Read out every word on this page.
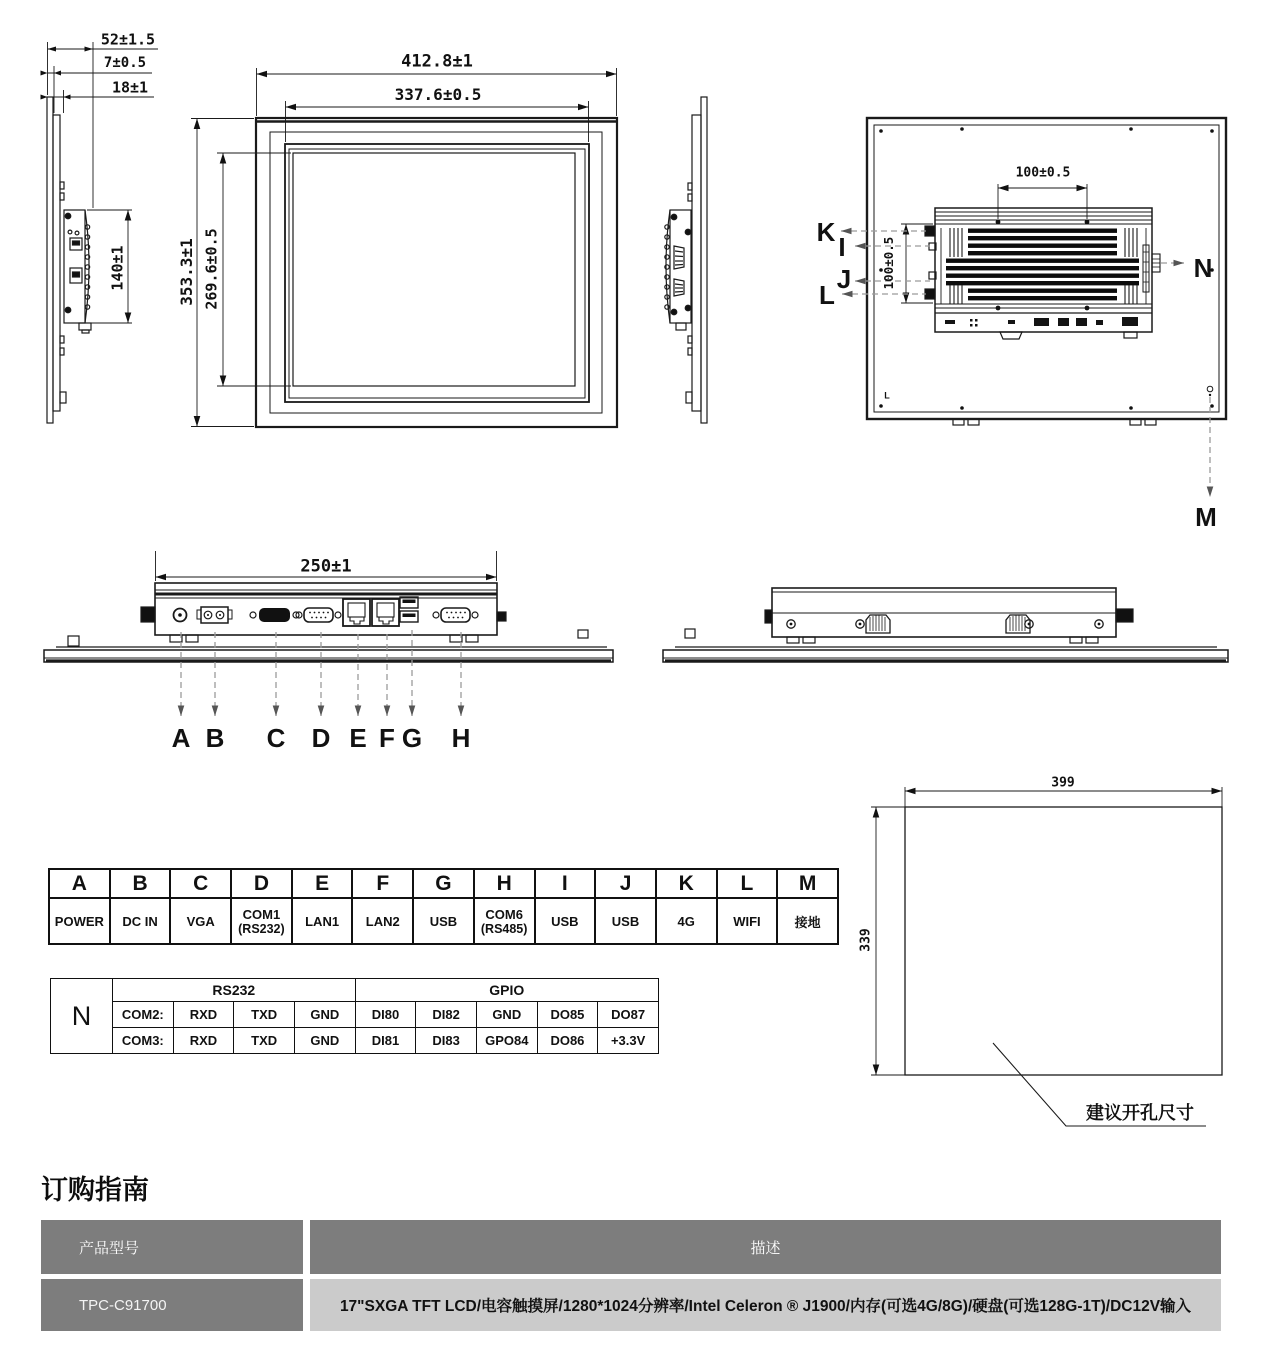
52±1.5
7±0.5
18±1
140±1
412.8±1
337.6±0.5
353.3±1 269.6±0.5
100±0.5
100±0.5
K I
J
L
N
M
L
250±1
A B C D E F G H
399
339
建议开孔尺寸
A	B	C	D	E	F	G	H	I	J	K	L	M

POWER	DC IN	VGA	COM1
(RS232)	LAN1	LAN2	USB	COM6
(RS485)	USB	USB	4G	WIFI	接地
N	RS232				GPIO				
	COM2:	RXD	TXD	GND	DI80	DI82	GND	DO85	DO87
	COM3:	RXD	TXD	GND	DI81	DI83	GPO84	DO86	+3.3V
订购指南
产品型号	描述
TPC-C91700	17"SXGA TFT LCD/电容触摸屏/1280*1024分辨率/Intel Celeron ® J1900/内存(可选4G/8G)/硬盘(可选128G-1T)/DC12V输入
